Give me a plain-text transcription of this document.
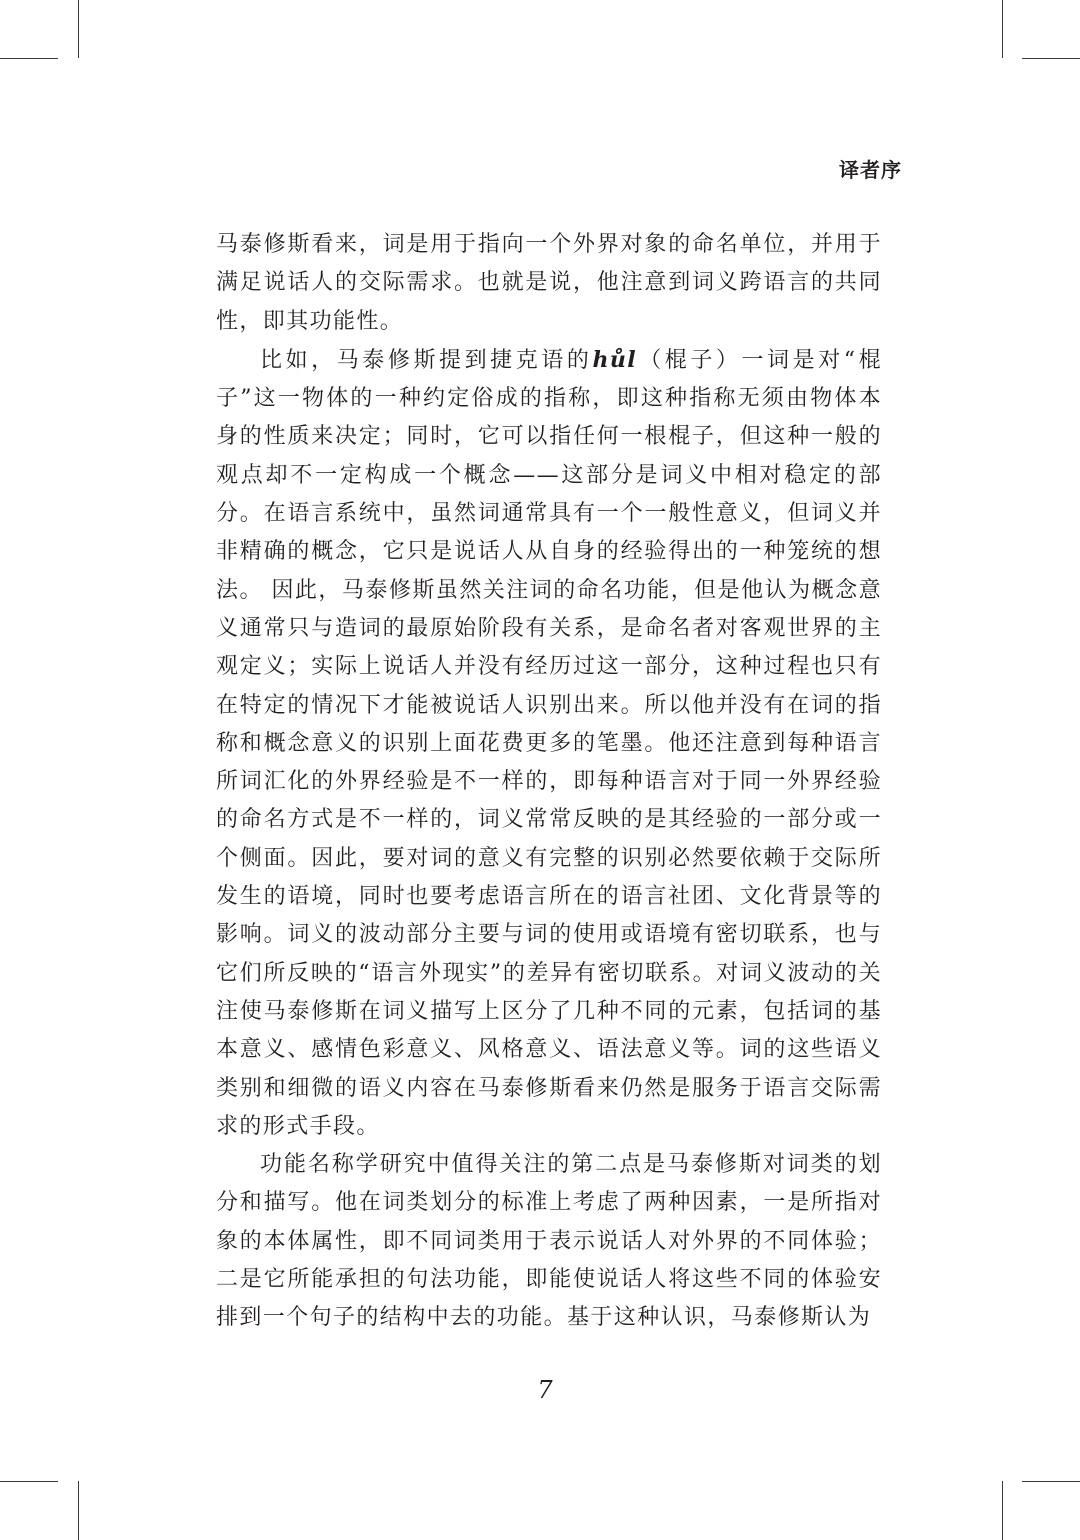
译者序

马泰修斯看来，词是用于指向一个外界对象的命名单位，并用于满足说话人的交际需求。也就是说，他注意到词义跨语言的共同性，即其功能性。

比如，马泰修斯提到捷克语的hůl（棍子）一词是对“棍子”这一物体的一种约定俗成的指称，即这种指称无须由物体本身的性质来决定；同时，它可以指任何一根棍子，但这种一般的观点却不一定构成一个概念——这部分是词义中相对稳定的部分。在语言系统中，虽然词通常具有一个一般性意义，但词义并非精确的概念，它只是说话人从自身的经验得出的一种笼统的想法。 因此，马泰修斯虽然关注词的命名功能，但是他认为概念意义通常只与造词的最原始阶段有关系，是命名者对客观世界的主观定义；实际上说话人并没有经历过这一部分，这种过程也只有在特定的情况下才能被说话人识别出来。所以他并没有在词的指称和概念意义的识别上面花费更多的笔墨。他还注意到每种语言所词汇化的外界经验是不一样的，即每种语言对于同一外界经验的命名方式是不一样的，词义常常反映的是其经验的一部分或一个侧面。因此，要对词的意义有完整的识别必然要依赖于交际所发生的语境，同时也要考虑语言所在的语言社团、文化背景等的影响。词义的波动部分主要与词的使用或语境有密切联系，也与它们所反映的“语言外现实”的差异有密切联系。对词义波动的关注使马泰修斯在词义描写上区分了几种不同的元素，包括词的基本意义、感情色彩意义、风格意义、语法意义等。词的这些语义类别和细微的语义内容在马泰修斯看来仍然是服务于语言交际需求的形式手段。

功能名称学研究中值得关注的第二点是马泰修斯对词类的划分和描写。他在词类划分的标准上考虑了两种因素，一是所指对象的本体属性，即不同词类用于表示说话人对外界的不同体验；二是它所能承担的句法功能，即能使说话人将这些不同的体验安排到一个句子的结构中去的功能。基于这种认识，马泰修斯认为

7
